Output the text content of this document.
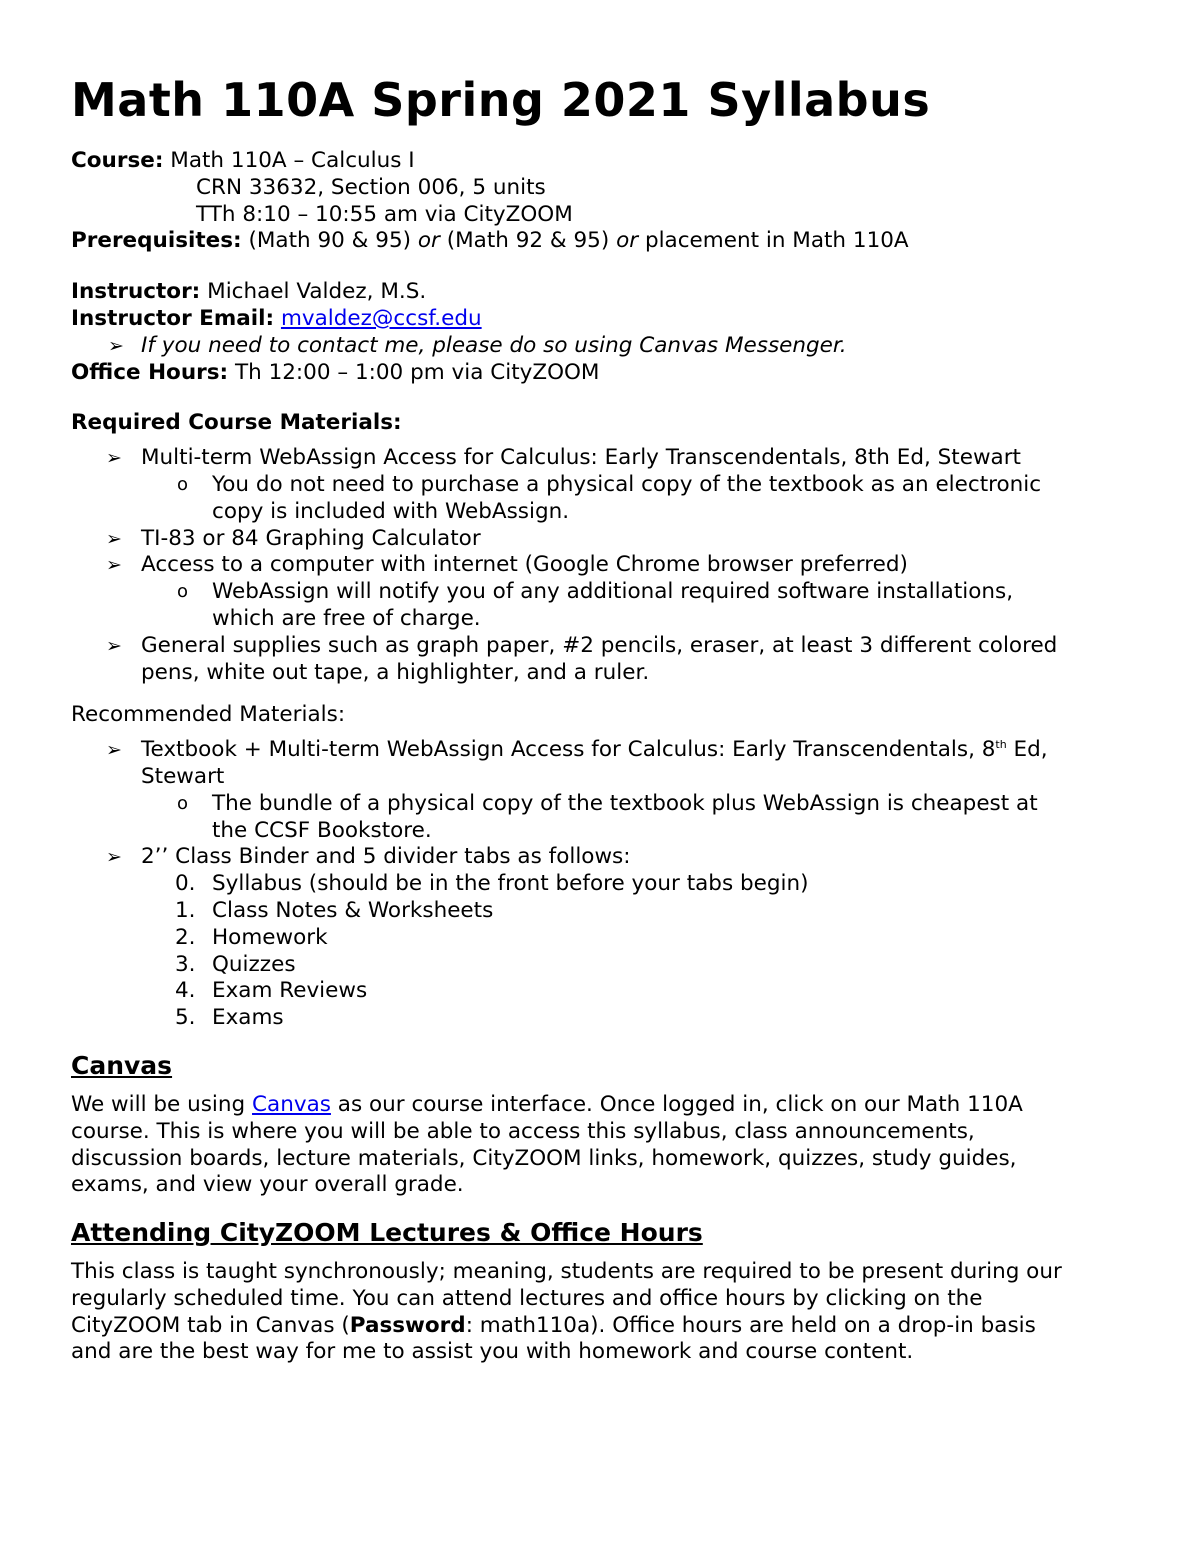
Math 110A Spring 2021 Syllabus
Course: Math 110A – Calculus I
CRN 33632, Section 006, 5 units
TTh 8:10 – 10:55 am via CityZOOM
Prerequisites: (Math 90 & 95) or (Math 92 & 95) or placement in Math 110A
Instructor: Michael Valdez, M.S.
Instructor Email: mvaldez@ccsf.edu
➢ If you need to contact me, please do so using Canvas Messenger.
Office Hours: Th 12:00 – 1:00 pm via CityZOOM
Required Course Materials:
➢ Multi-term WebAssign Access for Calculus: Early Transcendentals, 8th Ed, Stewart
o You do not need to purchase a physical copy of the textbook as an electronic
copy is included with WebAssign.
➢ TI-83 or 84 Graphing Calculator
➢ Access to a computer with internet (Google Chrome browser preferred)
o WebAssign will notify you of any additional required software installations,
which are free of charge.
➢ General supplies such as graph paper, #2 pencils, eraser, at least 3 different colored
pens, white out tape, a highlighter, and a ruler.
Recommended Materials:
➢ Textbook + Multi-term WebAssign Access for Calculus: Early Transcendentals, 8th Ed,
Stewart
o The bundle of a physical copy of the textbook plus WebAssign is cheapest at
the CCSF Bookstore.
➢ 2’’ Class Binder and 5 divider tabs as follows:
0. Syllabus (should be in the front before your tabs begin)
1. Class Notes & Worksheets
2. Homework
3. Quizzes
4. Exam Reviews
5. Exams
Canvas
We will be using Canvas as our course interface. Once logged in, click on our Math 110A
course. This is where you will be able to access this syllabus, class announcements,
discussion boards, lecture materials, CityZOOM links, homework, quizzes, study guides,
exams, and view your overall grade.
Attending CityZOOM Lectures & Office Hours
This class is taught synchronously; meaning, students are required to be present during our
regularly scheduled time. You can attend lectures and office hours by clicking on the
CityZOOM tab in Canvas (Password: math110a). Office hours are held on a drop-in basis
and are the best way for me to assist you with homework and course content.
